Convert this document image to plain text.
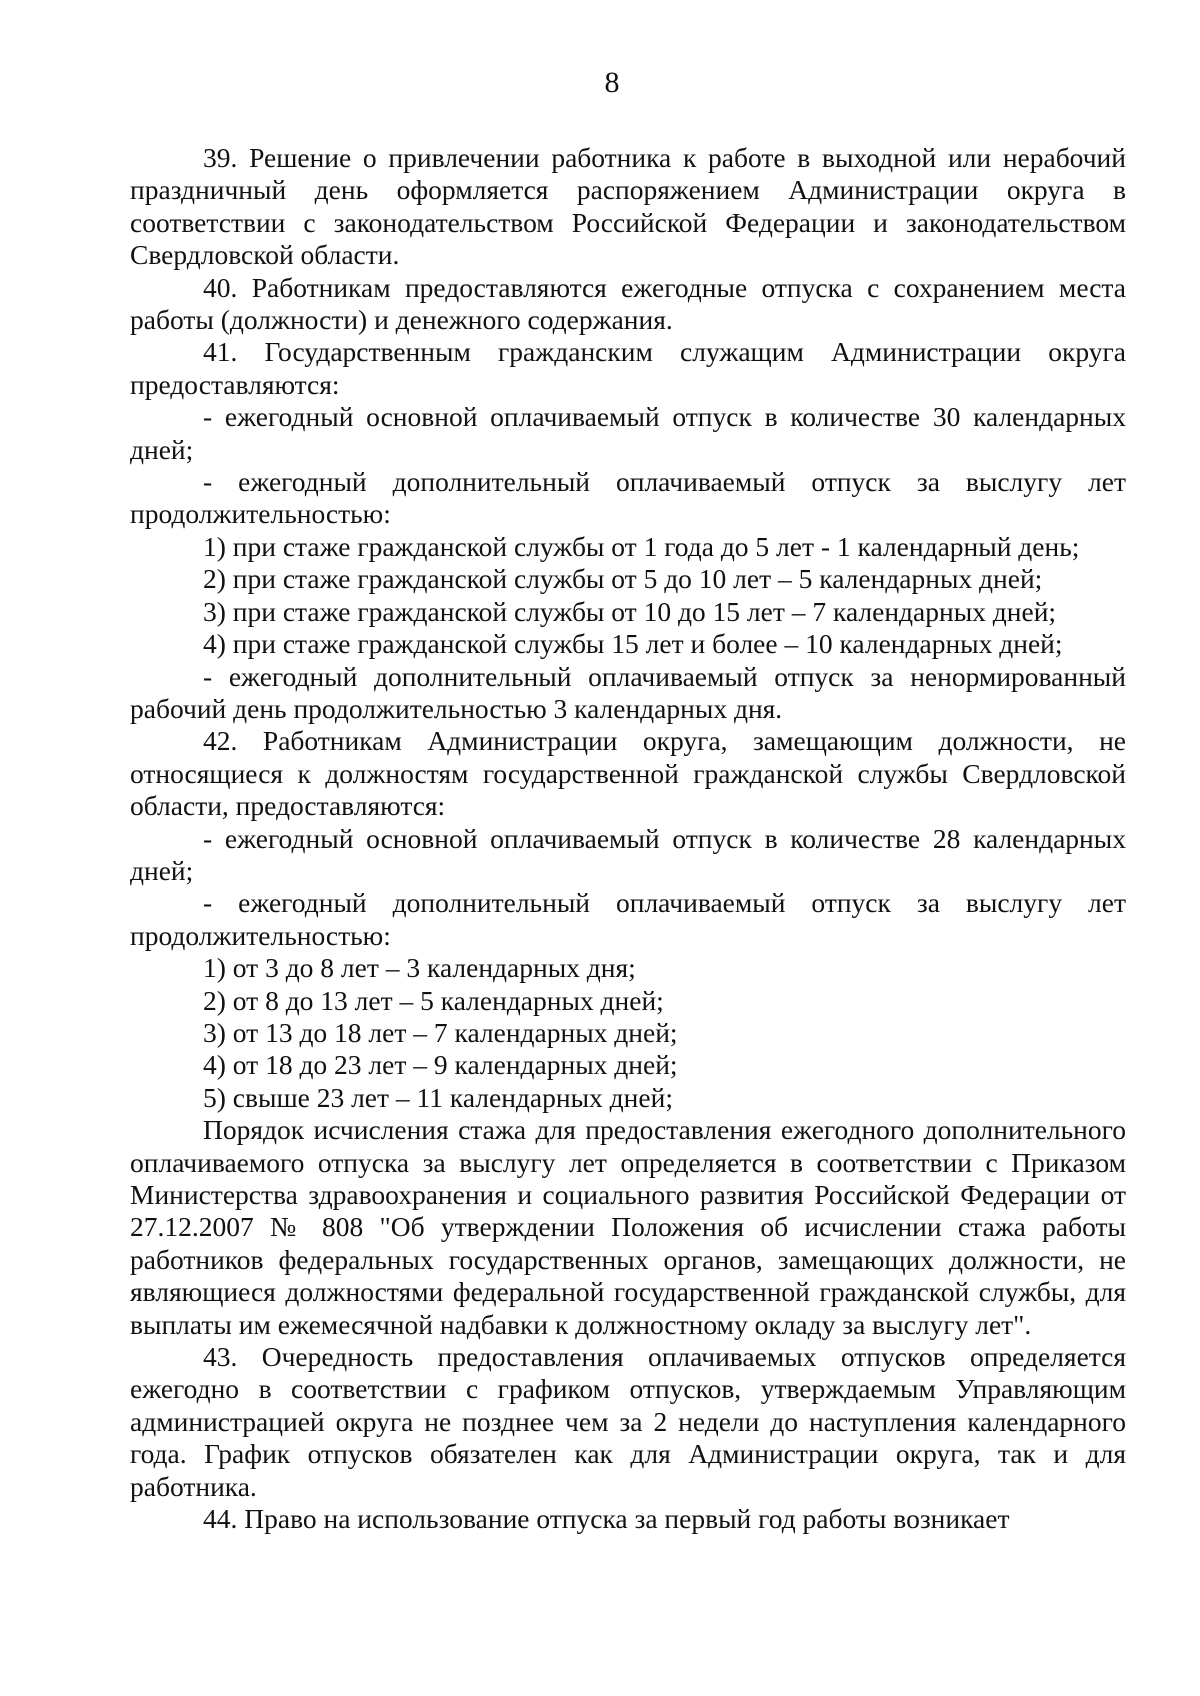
8

39. Решение о привлечении работника к работе в выходной или нерабочий праздничный день оформляется распоряжением Администрации округа в соответствии с законодательством Российской Федерации и законодательством Свердловской области.

40. Работникам предоставляются ежегодные отпуска с сохранением места работы (должности) и денежного содержания.

41. Государственным гражданским служащим Администрации округа предоставляются:

- ежегодный основной оплачиваемый отпуск в количестве 30 календарных дней;

- ежегодный дополнительный оплачиваемый отпуск за выслугу лет продолжительностью:

1) при стаже гражданской службы от 1 года до 5 лет - 1 календарный день;

2) при стаже гражданской службы от 5 до 10 лет – 5 календарных дней;

3) при стаже гражданской службы от 10 до 15 лет – 7 календарных дней;

4) при стаже гражданской службы 15 лет и более – 10 календарных дней;

- ежегодный дополнительный оплачиваемый отпуск за ненормированный рабочий день продолжительностью 3 календарных дня.

42. Работникам Администрации округа, замещающим должности, не относящиеся к должностям государственной гражданской службы Свердловской области, предоставляются:

- ежегодный основной оплачиваемый отпуск в количестве 28 календарных дней;

- ежегодный дополнительный оплачиваемый отпуск за выслугу лет продолжительностью:

1) от 3 до 8 лет – 3 календарных дня;

2) от 8 до 13 лет – 5 календарных дней;

3) от 13 до 18 лет – 7 календарных дней;

4) от 18 до 23 лет – 9 календарных дней;

5) свыше 23 лет – 11 календарных дней;

Порядок исчисления стажа для предоставления ежегодного дополнительного оплачиваемого отпуска за выслугу лет определяется в соответствии с Приказом Министерства здравоохранения и социального развития Российской Федерации от 27.12.2007 № 808 "Об утверждении Положения об исчислении стажа работы работников федеральных государственных органов, замещающих должности, не являющиеся должностями федеральной государственной гражданской службы, для выплаты им ежемесячной надбавки к должностному окладу за выслугу лет".

43. Очередность предоставления оплачиваемых отпусков определяется ежегодно в соответствии с графиком отпусков, утверждаемым Управляющим администрацией округа не позднее чем за 2 недели до наступления календарного года. График отпусков обязателен как для Администрации округа, так и для работника.

44. Право на использование отпуска за первый год работы возникает
